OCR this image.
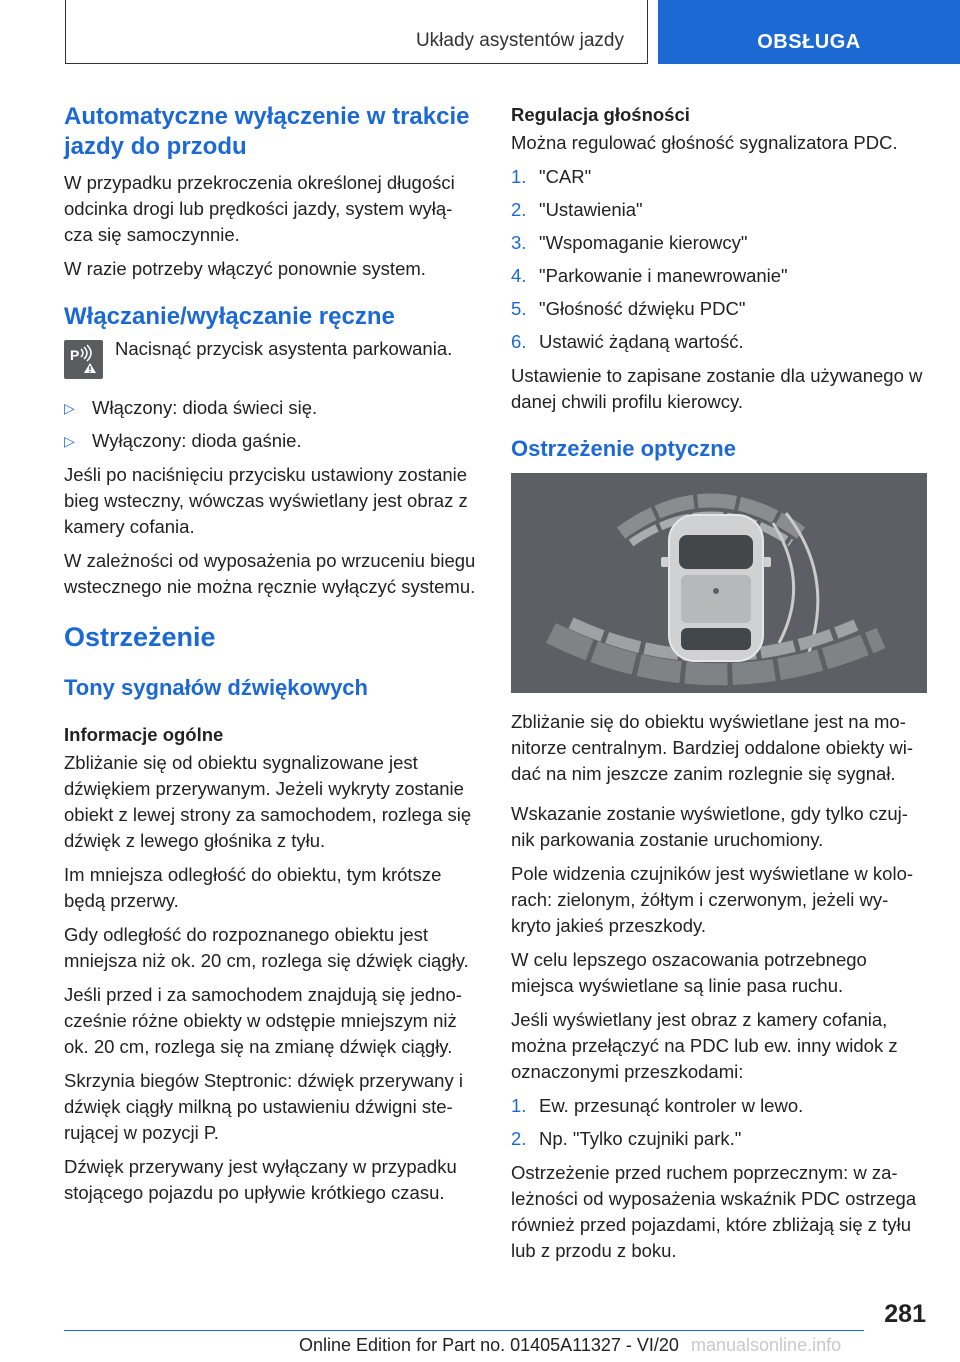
Układy asystentów jazdy	OBSŁUGA
Automatyczne wyłączenie w trakcie jazdy do przodu

W przypadku przekroczenia określonej długości odcinka drogi lub prędkości jazdy, system wyłą- cza się samoczynnie.

W razie potrzeby włączyć ponownie system.

Włączanie/wyłączanie ręczne
P Nacisnąć przycisk asystenta parkowania.

▷ Włączony: dioda świeci się.
▷ Wyłączony: dioda gaśnie.

Jeśli po naciśnięciu przycisku ustawiony zostanie bieg wsteczny, wówczas wyświetlany jest obraz z kamery cofania.

W zależności od wyposażenia po wrzuceniu biegu wstecznego nie można ręcznie wyłączyć systemu.

Ostrzeżenie
Tony sygnałów dźwiękowych
Informacje ogólne

Zbliżanie się od obiektu sygnalizowane jest dźwiękiem przerywanym. Jeżeli wykryty zostanie obiekt z lewej strony za samochodem, rozlega się dźwięk z lewego głośnika z tyłu.

Im mniejsza odległość do obiektu, tym krótsze będą przerwy.

Gdy odległość do rozpoznanego obiektu jest mniejsza niż ok. 20 cm, rozlega się dźwięk ciągły.

Jeśli przed i za samochodem znajdują się jedno- cześnie różne obiekty w odstępie mniejszym niż ok. 20 cm, rozlega się na zmianę dźwięk ciągły.

Skrzynia biegów Steptronic: dźwięk przerywany i dźwięk ciągły milkną po ustawieniu dźwigni ste- rującej w pozycji P.

Dźwięk przerywany jest wyłączany w przypadku stojącego pojazdu po upływie krótkiego czasu.

Regulacja głośności

Można regulować głośność sygnalizatora PDC.

1. "CAR"
2. "Ustawienia"
3. "Wspomaganie kierowcy"
4. "Parkowanie i manewrowanie"
5. "Głośność dźwięku PDC"
6. Ustawić żądaną wartość.

Ustawienie to zapisane zostanie dla używanego w danej chwili profilu kierowcy.

Ostrzeżenie optyczne

Zbliżanie się do obiektu wyświetlane jest na mo- nitorze centralnym. Bardziej oddalone obiekty wi- dać na nim jeszcze zanim rozlegnie się sygnał.

Wskazanie zostanie wyświetlone, gdy tylko czuj- nik parkowania zostanie uruchomiony.

Pole widzenia czujników jest wyświetlane w kolo- rach: zielonym, żółtym i czerwonym, jeżeli wy- kryto jakieś przeszkody.

W celu lepszego oszacowania potrzebnego miejsca wyświetlane są linie pasa ruchu.

Jeśli wyświetlany jest obraz z kamery cofania, można przełączyć na PDC lub ew. inny widok z oznaczonymi przeszkodami:

1. Ew. przesunąć kontroler w lewo.
2. Np. "Tylko czujniki park."

Ostrzeżenie przed ruchem poprzecznym: w za- leżności od wyposażenia wskaźnik PDC ostrzega również przed pojazdami, które zbliżają się z tyłu lub z przodu z boku.

281
Online Edition for Part no. 01405A11327 - VI/20 manualsonline.info
